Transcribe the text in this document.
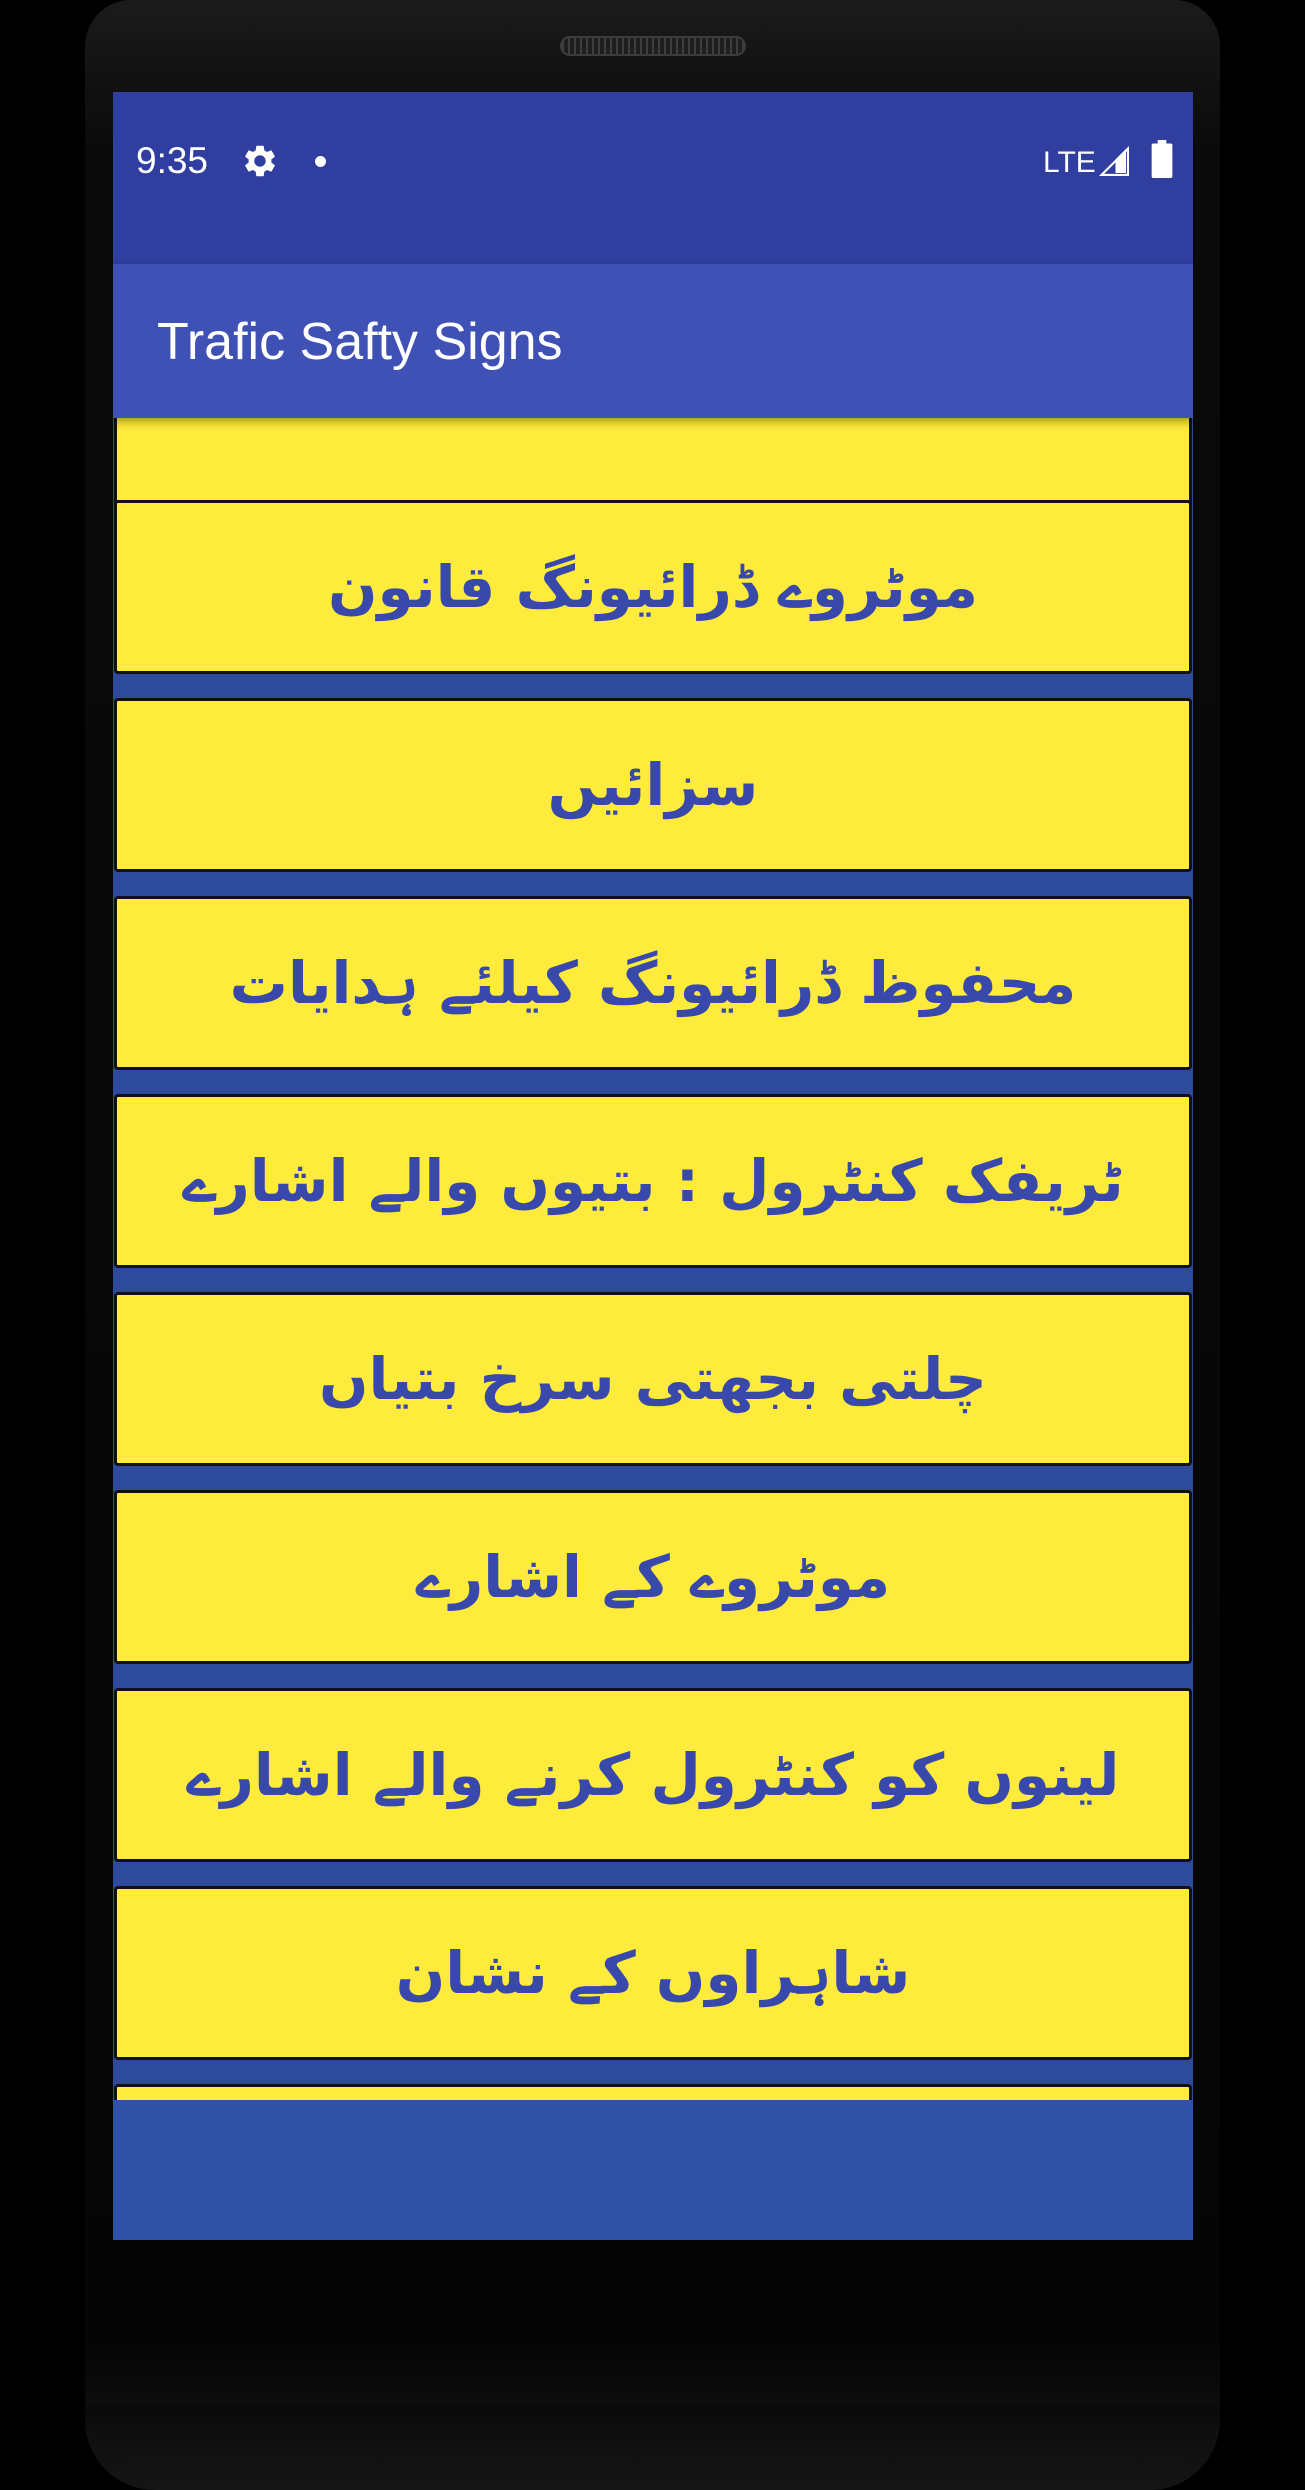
موٹروے ڈرائیونگ قانون
سزائیں
محفوظ ڈرائیونگ کیلئے ہدایات
ٹریفک کنٹرول : بتیوں والے اشارے
چلتی بجھتی سرخ بتیاں
موٹروے کے اشارے
لینوں کو کنٹرول کرنے والے اشارے
شاہراوں کے نشان
9:35	LTE
Trafic Safty Signs
